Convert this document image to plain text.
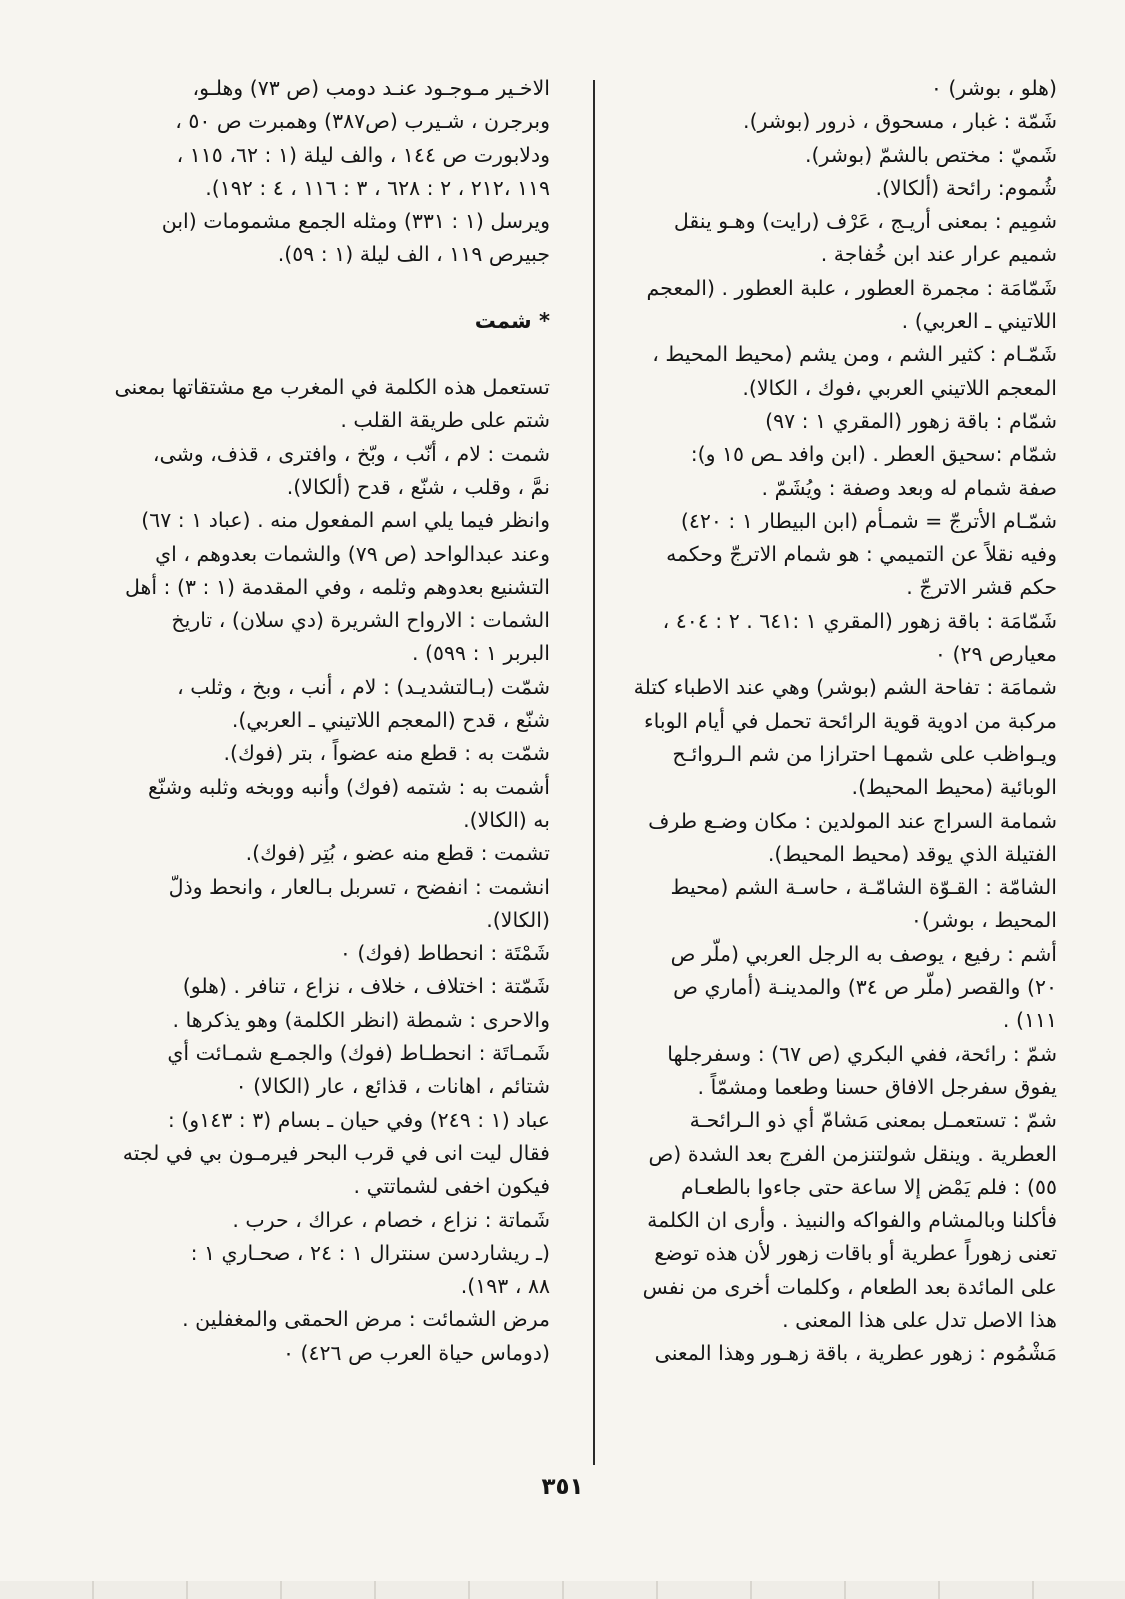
(هلو ، بوشر) ٠
شَمّة : غبار ، مسحوق ، ذرور (بوشر).
شَميّ : مختص بالشمّ (بوشر).
شُموم: رائحة (ألكالا).
شمِيم : بمعنى أريـج ، عَرْف (رايت) وهـو ينقل
شميم عرار عند ابن خُفاجة .
شَمّامَة : مجمرة العطور ، علبة العطور . (المعجم
اللاتيني ـ العربي) .
شَمّـام : كثير الشم ، ومن يشم (محيط المحيط ،
المعجم اللاتيني العربي ،فوك ، الكالا).
شمّام : باقة زهور (المقري ١ : ٩٧)
شمّام :سحيق العطر . (ابن وافد ـص ١٥ و):
صفة شمام له وبعد وصفة : ويُشَمّ .
شمّـام الأترجّ = شمـأم (ابن البيطار ١ : ٤٢٠)
وفيه نقلاً عن التميمي : هو شمام الاترجّ وحكمه
حكم قشر الاترجّ .
شَمّامَة : باقة زهور (المقري ١ :٦٤١ . ٢ : ٤٠٤ ،
معيارص ٢٩) ٠
شمامَة : تفاحة الشم (بوشر) وهي عند الاطباء كتلة
مركبة من ادوية قوية الرائحة تحمل في أيام الوباء
ويـواظب على شمهـا احترازا من شم الـروائـح
الوبائية (محيط المحيط).
شمامة السراج عند المولدين : مكان وضـع طرف
الفتيلة الذي يوقد (محيط المحيط).
الشامّة : القـوّة الشامّـة ، حاسـة الشم (محيط
المحيط ، بوشر)٠
أشم : رفيع ، يوصف به الرجل العربي (ملّر ص
٢٠) والقصر (ملّر ص ٣٤) والمدينـة (أماري ص
١١١) .
شمّ : رائحة، ففي البكري (ص ٦٧) : وسفرجلها
يفوق سفرجل الافاق حسنا وطعما ومشمّاً .
شمّ : تستعمـل بمعنى مَشامّ أي ذو الـرائحـة
العطرية . وينقل شولتنزمن الفرج بعد الشدة (ص
٥٥) : فلم يَمْض إلا ساعة حتى جاءوا بالطعـام
فأكلنا وبالمشام والفواكه والنبيذ . وأرى ان الكلمة
تعنى زهوراً عطرية أو باقات زهور لأن هذه توضع
على المائدة بعد الطعام ، وكلمات أخرى من نفس
هذا الاصل تدل على هذا المعنى .
مَشْمُوم : زهور عطرية ، باقة زهـور وهذا المعنى
الاخـير مـوجـود عنـد دومب (ص ٧٣) وهلـو،
وبرجرن ، شـيرب (ص٣٨٧) وهمبرت ص ٥٠ ،
ودلابورت ص ١٤٤ ، والف ليلة (١ : ٦٢، ١١٥ ،
١١٩ ،٢١٢ ، ٢ : ٦٢٨ ، ٣ : ١١٦ ، ٤ : ١٩٢).
ويرسل (١ : ٣٣١) ومثله الجمع مشمومات (ابن
جبيرص ١١٩ ، الف ليلة (١ : ٥٩).
* شمت
تستعمل هذه الكلمة في المغرب مع مشتقاتها بمعنى
شتم على طريقة القلب .
شمت : لام ، أنّب ، وبّخ ، وافترى ، قذف، وشى،
نمَّ ، وقلب ، شنّع ، قدح (ألكالا).
وانظر فيما يلي اسم المفعول منه . (عباد ١ : ٦٧)
وعند عبدالواحد (ص ٧٩) والشمات بعدوهم ، اي
التشنيع بعدوهم وثلمه ، وفي المقدمة (١ : ٣) : أهل
الشمات : الارواح الشريرة (دي سلان) ، تاريخ
البربر ١ : ٥٩٩) .
شمّت (بـالتشديـد) : لام ، أنب ، وبخ ، وثلب ،
شنّع ، قدح (المعجم اللاتيني ـ العربي).
شمّت به : قطع منه عضواً ، بتر (فوك).
أشمت به : شتمه (فوك) وأنبه ووبخه وثلبه وشنّع
به (الكالا).
تشمت : قطع منه عضو ، بُتِر (فوك).
انشمت : انفضح ، تسربل بـالعار ، وانحط وذلّ
(الكالا).
شَمْتَة : انحطاط (فوك) ٠
شَمّتة : اختلاف ، خلاف ، نزاع ، تنافر . (هلو)
والاحرى : شمطة (انظر الكلمة) وهو يذكرها .
شَمـاتَة : انحطـاط (فوك) والجمـع شمـائت أي
شتائم ، اهانات ، قذائع ، عار (الكالا) ٠
عباد (١ : ٢٤٩) وفي حيان ـ بسام (٣ : ١٤٣و) :
فقال ليت انى في قرب البحر فيرمـون بي في لجته
فيكون اخفى لشماتتي .
شَماتة : نزاع ، خصام ، عراك ، حرب .
(ـ ريشاردسن سنترال ١ : ٢٤ ، صحـاري ١ :
٨٨ ، ١٩٣).
مرض الشمائت : مرض الحمقى والمغفلين .
(دوماس حياة العرب ص ٤٢٦) ٠
٣٥١
